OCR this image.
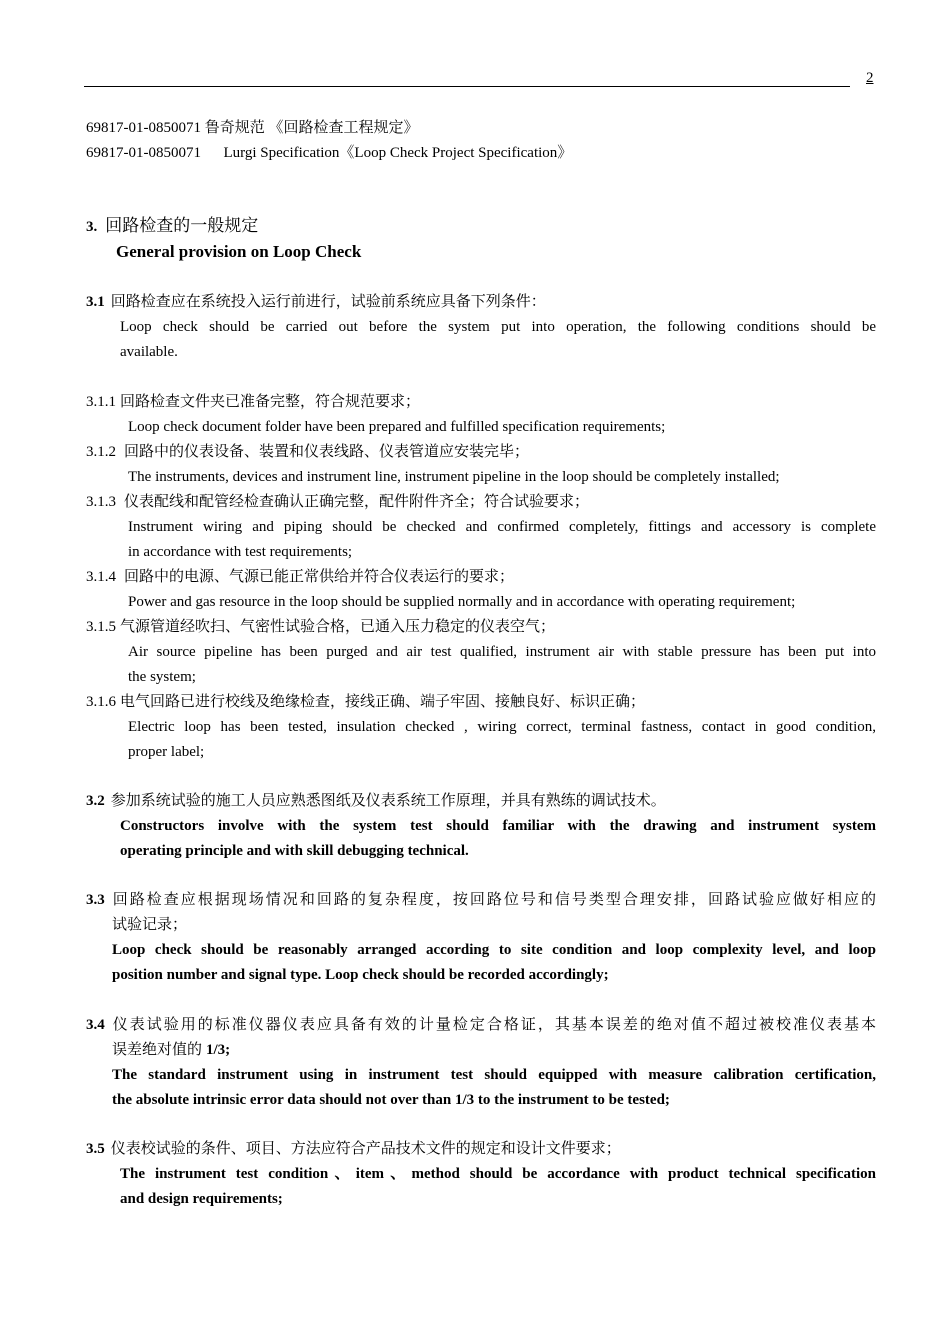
2
69817-01-0850071 鲁奇规范 《回路检查工程规定》
69817-01-0850071      Lurgi Specification《Loop Check Project Specification》
3. 回路检查的一般规定
General provision on Loop Check
3.1 回路检查应在系统投入运行前进行，试验前系统应具备下列条件：
Loop check should be carried out before the system put into operation, the following conditions should be
available.
3.1.1 回路检查文件夹已准备完整，符合规范要求；
Loop check document folder have been prepared and fulfilled specification requirements;
3.1.2 回路中的仪表设备、装置和仪表线路、仪表管道应安装完毕；
The instruments, devices and instrument line, instrument pipeline in the loop should be completely installed;
3.1.3 仪表配线和配管经检查确认正确完整，配件附件齐全；符合试验要求；
Instrument wiring and piping should be checked and confirmed completely, fittings and accessory is complete
in accordance with test requirements;
3.1.4 回路中的电源、气源已能正常供给并符合仪表运行的要求；
Power and gas resource in the loop should be supplied normally and in accordance with operating requirement;
3.1.5 气源管道经吹扫、气密性试验合格，已通入压力稳定的仪表空气；
Air source pipeline has been purged and air test qualified, instrument air with stable pressure has been put into
the system;
3.1.6 电气回路已进行校线及绝缘检查，接线正确、端子牢固、接触良好、标识正确；
Electric loop has been tested, insulation checked , wiring correct, terminal fastness, contact in good condition,
proper label;
3.2 参加系统试验的施工人员应熟悉图纸及仪表系统工作原理，并具有熟练的调试技术。
Constructors involve with the system test should familiar with the drawing and instrument system
operating principle and with skill debugging technical.
3.3 回路检查应根据现场情况和回路的复杂程度，按回路位号和信号类型合理安排，回路试验应做好相应的
试验记录；
Loop check should be reasonably arranged according to site condition and loop complexity level, and loop
position number and signal type. Loop check should be recorded accordingly;
3.4 仪表试验用的标准仪器仪表应具备有效的计量检定合格证，其基本误差的绝对值不超过被校准仪表基本
误差绝对值的 1/3;
The standard instrument using in instrument test should equipped with measure calibration certification,
the absolute intrinsic error data should not over than 1/3 to the instrument to be tested;
3.5 仪表校试验的条件、项目、方法应符合产品技术文件的规定和设计文件要求；
The instrument test condition、item、method should be accordance with product technical specification
and design requirements;
